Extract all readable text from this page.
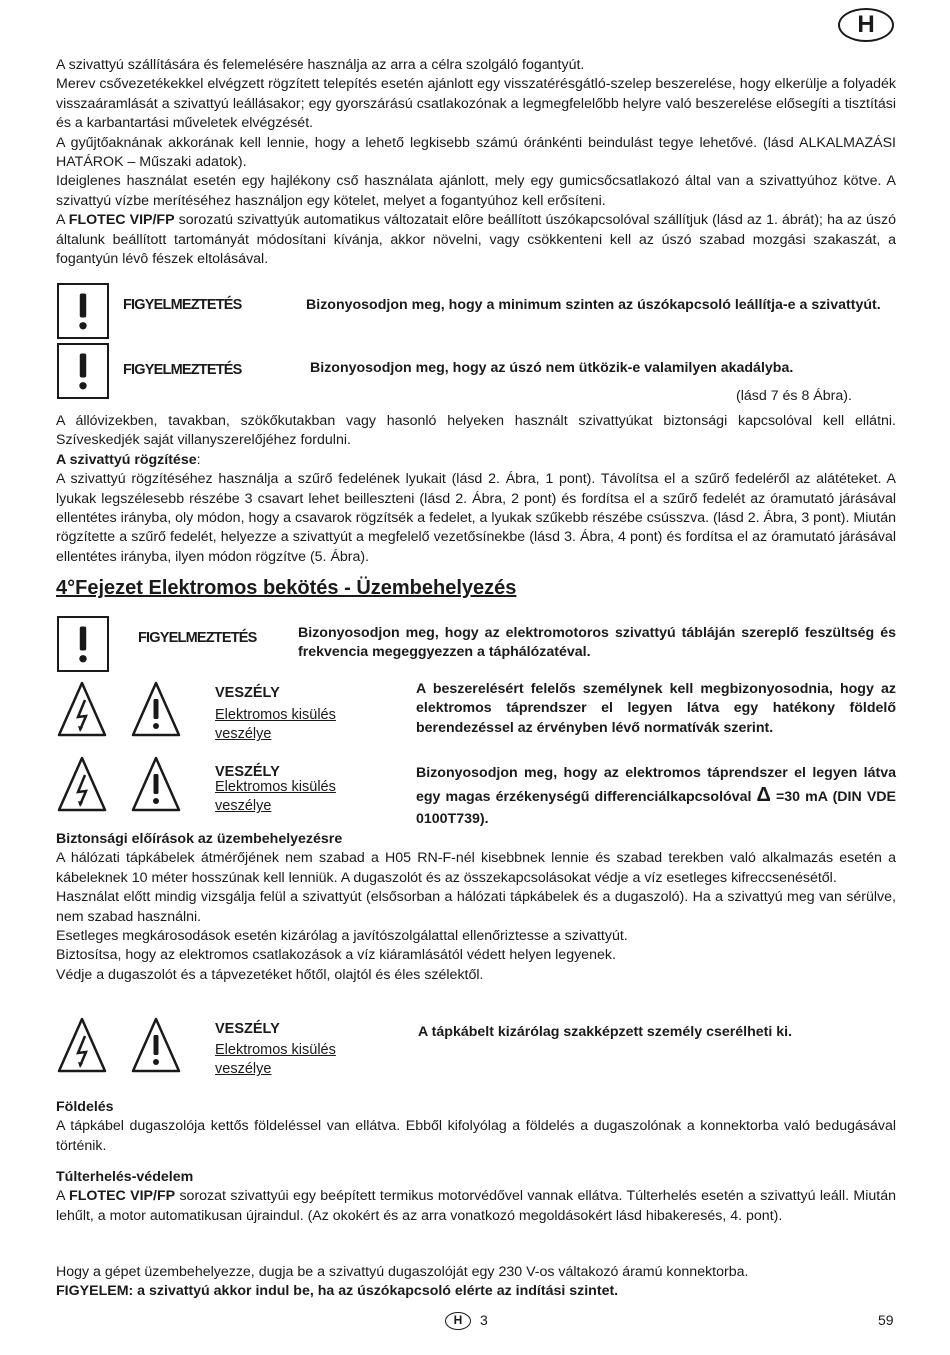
H

A szivattyú szállítására és felemelésére használja az arra a célra szolgáló fogantyút.

Merev csővezetékekkel elvégzett rögzített telepítés esetén ajánlott egy visszatérésgátló-szelep beszerelése, hogy elkerülje a folyadék visszaáramlását a szivattyú leállásakor; egy gyorszárású csatlakozónak a legmegfelelőbb helyre való beszerelése elősegíti a tisztítási és a karbantartási műveletek elvégzését.

A gyűjtőaknának akkorának kell lennie, hogy a lehető legkisebb számú óránkénti beindulást tegye lehetővé. (lásd ALKALMAZÁSI HATÁROK – Műszaki adatok).

Ideiglenes használat esetén egy hajlékony cső használata ajánlott, mely egy gumicsőcsatlakozó által van a szivattyúhoz kötve. A szivattyú vízbe merítéséhez használjon egy kötelet, melyet a fogantyúhoz kell erősíteni.

A FLOTEC VIP/FP sorozatú szivattyúk automatikus változatait elôre beállított úszókapcsolóval szállítjuk (lásd az 1. ábrát); ha az úszó általunk beállított tartományát módosítani kívánja, akkor növelni, vagy csökkenteni kell az úszó szabad mozgási szakaszát, a fogantyún lévô fészek eltolásával.

FIGYELMEZTETÉS	Bizonyosodjon meg, hogy a minimum szinten az úszókapcsoló leállítja-e a szivattyút.
FIGYELMEZTETÉS	Bizonyosodjon meg, hogy az úszó nem ütközik-e valamilyen akadályba.
(lásd 7 és 8 Ábra).

A állóvizekben, tavakban, szökőkutakban vagy hasonló helyeken használt szivattyúkat biztonsági kapcsolóval kell ellátni. Szíveskedjék saját villanyszerelőjéhez fordulni.

A szivattyú rögzítése:

A szivattyú rögzítéséhez használja a szűrő fedelének lyukait (lásd 2. Ábra, 1 pont). Távolítsa el a szűrő fedeléről az alátéteket. A lyukak legszélesebb részébe 3 csavart lehet beilleszteni (lásd 2. Ábra, 2 pont) és fordítsa el a szűrő fedelét az óramutató járásával ellentétes irányba, oly módon, hogy a csavarok rögzítsék a fedelet, a lyukak szűkebb részébe csússzva. (lásd 2. Ábra, 3 pont). Miután rögzítette a szűrő fedelét, helyezze a szivattyút a megfelelő vezetősínekbe (lásd 3. Ábra, 4 pont) és fordítsa el az óramutató járásával ellentétes irányba, ilyen módon rögzítve (5. Ábra).

4°Fejezet Elektromos bekötés - Üzembehelyezés
FIGYELMEZTETÉS	Bizonyosodjon meg, hogy az elektromotoros szivattyú tábláján szereplő feszültség és frekvencia megeggyezzen a táphálózatéval.
VESZÉLY
Elektromos kisülés veszélye
A beszerelésért felelős személynek kell megbizonyosodnia, hogy az elektromos táprendszer el legyen látva egy hatékony földelő berendezéssel az érvényben lévő normatívák szerint.
VESZÉLY
Elektromos kisülés veszélye
Bizonyosodjon meg, hogy az elektromos táprendszer el legyen látva egy magas érzékenységű differenciálkapcsolóval Δ =30 mA (DIN VDE 0100T739).

Biztonsági előírások az üzembehelyezésre

A hálózati tápkábelek átmérőjének nem szabad a H05 RN-F-nél kisebbnek lennie és szabad terekben való alkalmazás esetén a kábeleknek 10 méter hosszúnak kell lenniük. A dugaszolót és az összekapcsolásokat védje a víz esetleges kifreccsenésétől.

Használat előtt mindig vizsgálja felül a szivattyút (elsősorban a hálózati tápkábelek és a dugaszoló). Ha a szivattyú meg van sérülve, nem szabad használni.

Esetleges megkárosodások esetén kizárólag a javítószolgálattal ellenőriztesse a szivattyút.

Biztosítsa, hogy az elektromos csatlakozások a víz kiáramlásától védett helyen legyenek.

Védje a dugaszolót és a tápvezetéket hőtől, olajtól és éles szélektől.

VESZÉLY
Elektromos kisülés veszélye
A tápkábelt kizárólag szakképzett személy cserélheti ki.

Földelés

A tápkábel dugaszolója kettős földeléssel van ellátva. Ebből kifolyólag a földelés a dugaszolónak a konnektorba való bedugásával történik.

Túlterhelés-védelem

A FLOTEC VIP/FP sorozat szivattyúi egy beépített termikus motorvédővel vannak ellátva. Túlterhelés esetén a szivattyú leáll. Miután lehűlt, a motor automatikusan újraindul. (Az okokért és az arra vonatkozó megoldásokért lásd hibakeresés, 4. pont).

Hogy a gépet üzembehelyezze, dugja be a szivattyú dugaszolóját egy 230 V-os váltakozó áramú konnektorba.

FIGYELEM: a szivattyú akkor indul be, ha az úszókapcsoló elérte az indítási szintet.

H	3	59
